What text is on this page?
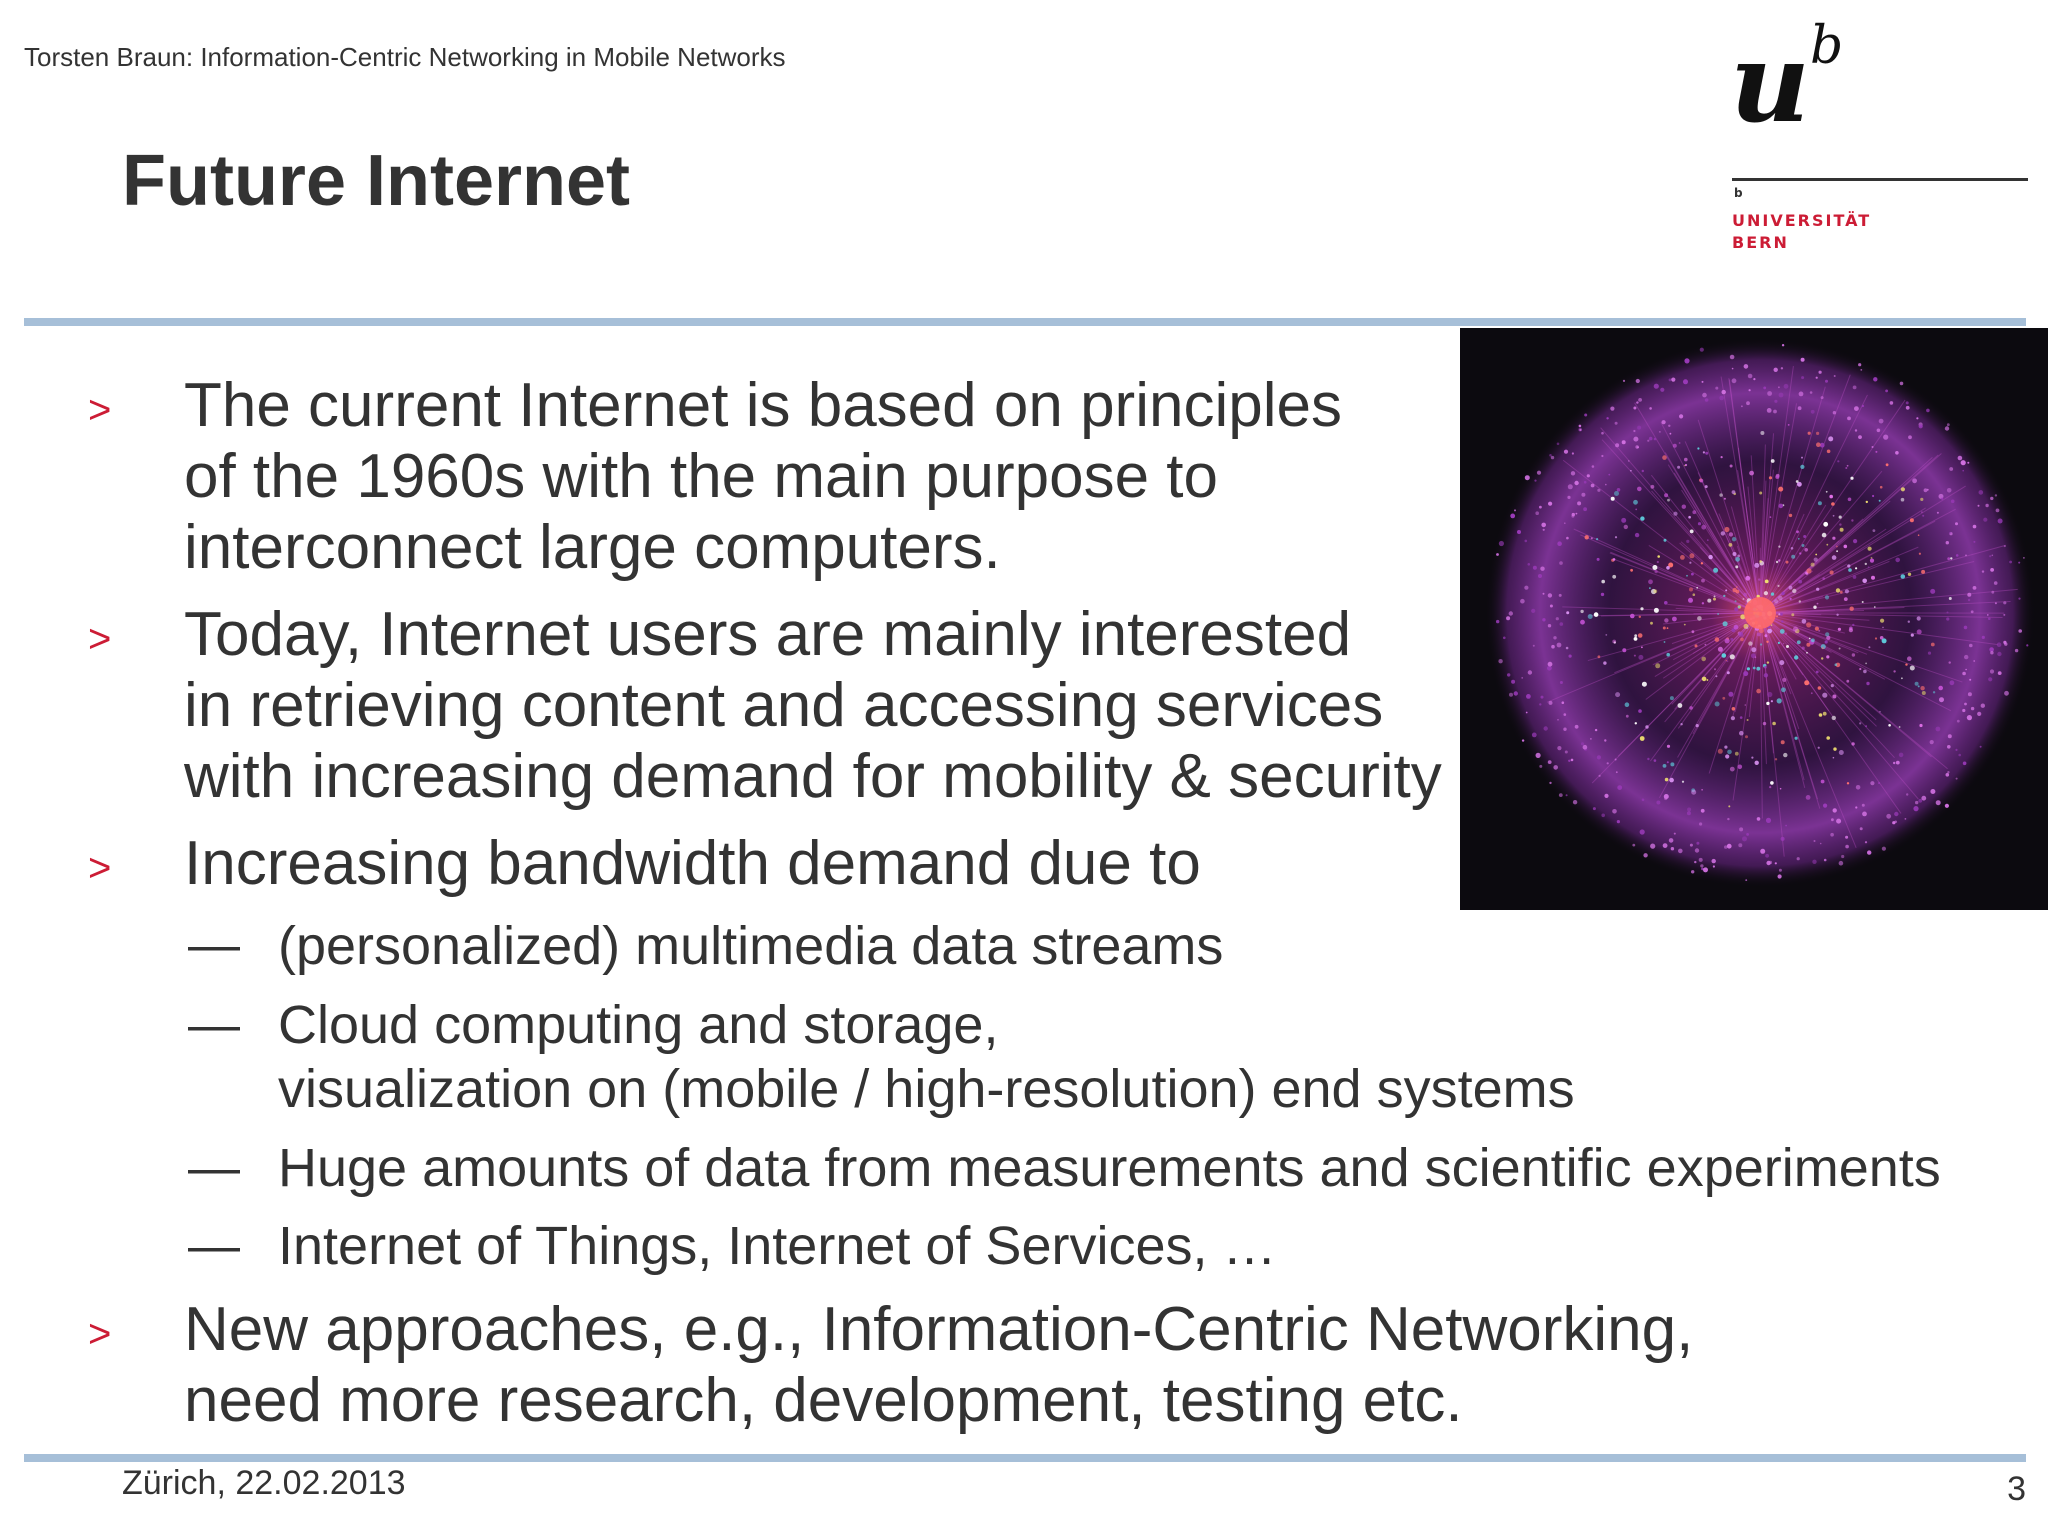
Torsten Braun: Information-Centric Networking in Mobile Networks
Future Internet
u b
b
UNIVERSITÄT
BERN
> The current Internet is based on principles
of the 1960s with the main purpose to
interconnect large computers.
> Today, Internet users are mainly interested
in retrieving content and accessing services
with increasing demand for mobility & security
> Increasing bandwidth demand due to
— (personalized) multimedia data streams
— Cloud computing and storage,
visualization on (mobile / high-resolution) end systems
— Huge amounts of data from measurements and scientific experiments
— Internet of Things, Internet of Services, …
> New approaches, e.g., Information-Centric Networking,
need more research, development, testing etc.
Zürich, 22.02.2013	3
